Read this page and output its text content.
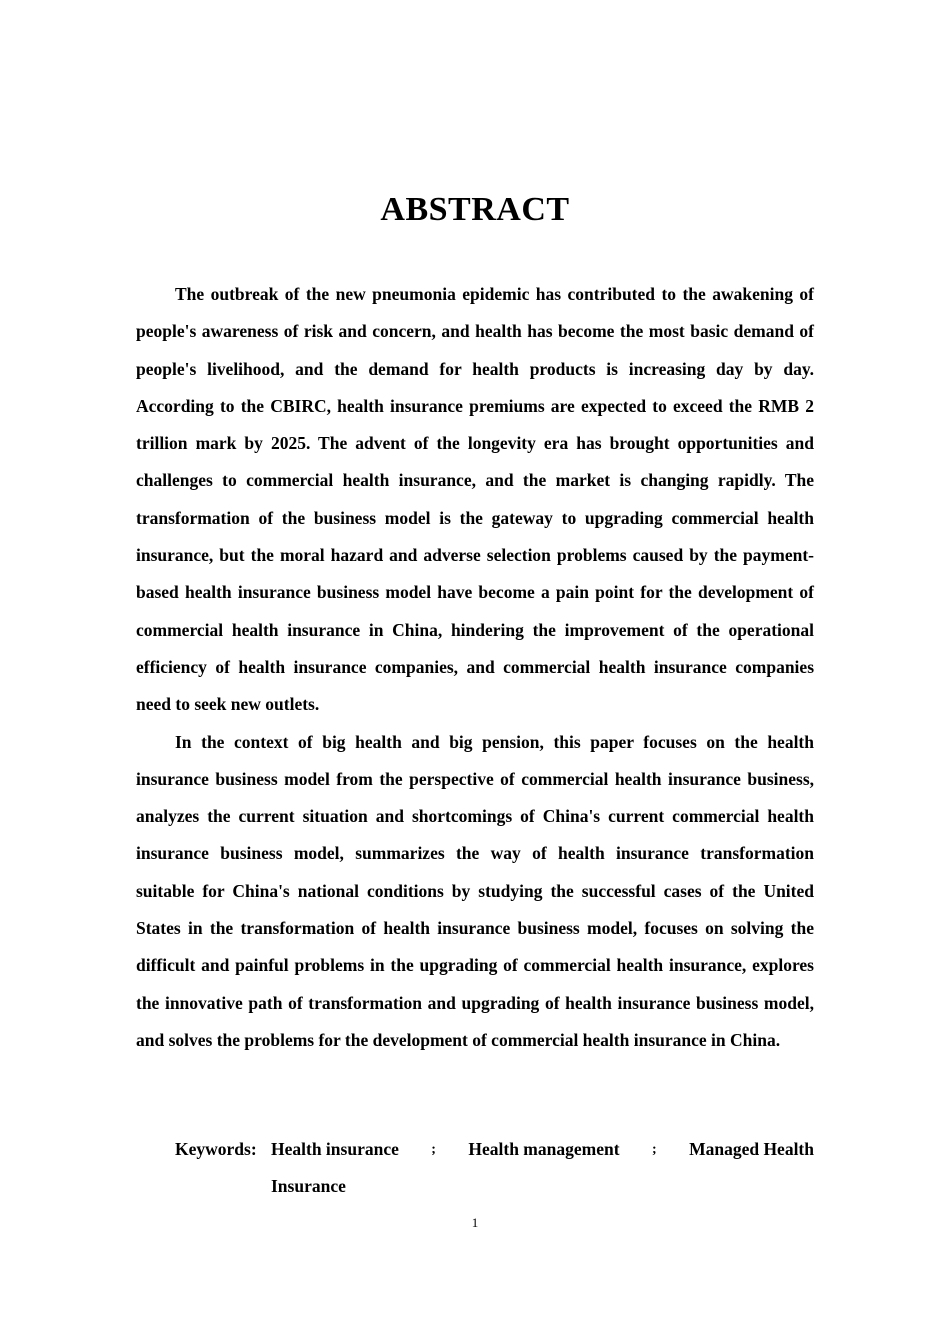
ABSTRACT

The outbreak of the new pneumonia epidemic has contributed to the awakening of people's awareness of risk and concern, and health has become the most basic demand of people's livelihood, and the demand for health products is increasing day by day. According to the CBIRC, health insurance premiums are expected to exceed the RMB 2 trillion mark by 2025. The advent of the longevity era has brought opportunities and challenges to commercial health insurance, and the market is changing rapidly. The transformation of the business model is the gateway to upgrading commercial health insurance, but the moral hazard and adverse selection problems caused by the payment-based health insurance business model have become a pain point for the development of commercial health insurance in China, hindering the improvement of the operational efficiency of health insurance companies, and commercial health insurance companies need to seek new outlets.

In the context of big health and big pension, this paper focuses on the health insurance business model from the perspective of commercial health insurance business, analyzes the current situation and shortcomings of China's current commercial health insurance business model, summarizes the way of health insurance transformation suitable for China's national conditions by studying the successful cases of the United States in the transformation of health insurance business model, focuses on solving the difficult and painful problems in the upgrading of commercial health insurance, explores the innovative path of transformation and upgrading of health insurance business model, and solves the problems for the development of commercial health insurance in China.

Keywords: Health insurance ; Health management ; Managed Health
Insurance
1
